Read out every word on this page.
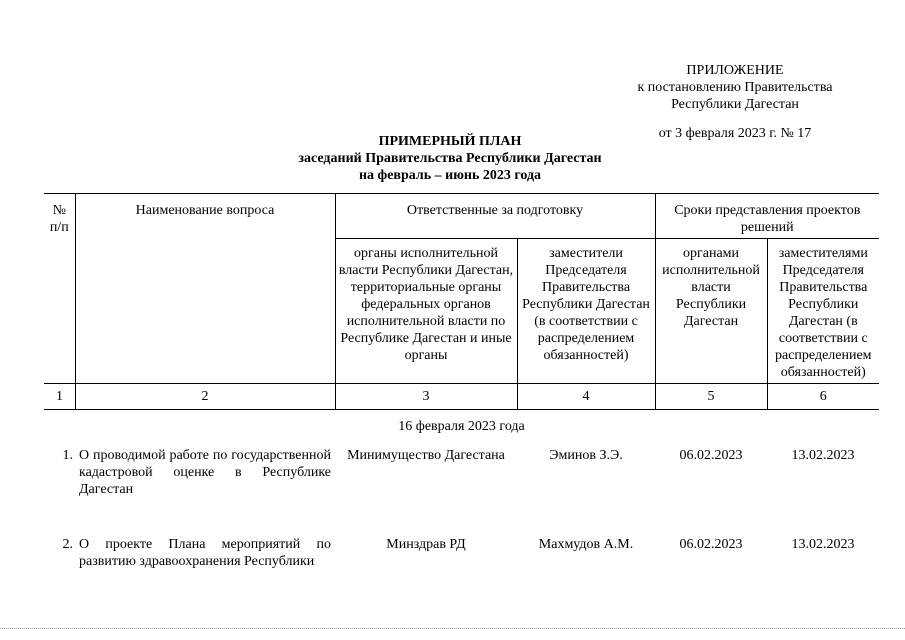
ПРИЛОЖЕНИЕ
к постановлению Правительства
Республики Дагестан
от 3 февраля 2023 г. № 17
ПРИМЕРНЫЙ ПЛАН
заседаний Правительства Республики Дагестан
на февраль – июнь 2023 года
№ п/п	Наименование вопроса	Ответственные за подготовку		Сроки представления проектов решений	
		органы исполнительной власти Республики Дагестан, территориальные органы федеральных органов исполнительной власти по Республике Дагестан и иные органы	заместители Председателя Правительства Республики Дагестан (в соответствии с распределением обязанностей)	органами исполнительной власти Республики Дагестан	заместителями Председателя Правительства Республики Дагестан (в соответствии с распределением обязанностей)
1	2	3	4	5	6
16 февраля 2023 года					
1.	О проводимой работе по государственной кадастровой оценке в Республике Дагестан	Минимущество Дагестана	Эминов З.Э.	06.02.2023	13.02.2023
2.	О проекте Плана мероприятий по развитию здравоохранения Республики	Минздрав РД	Махмудов А.М.	06.02.2023	13.02.2023
